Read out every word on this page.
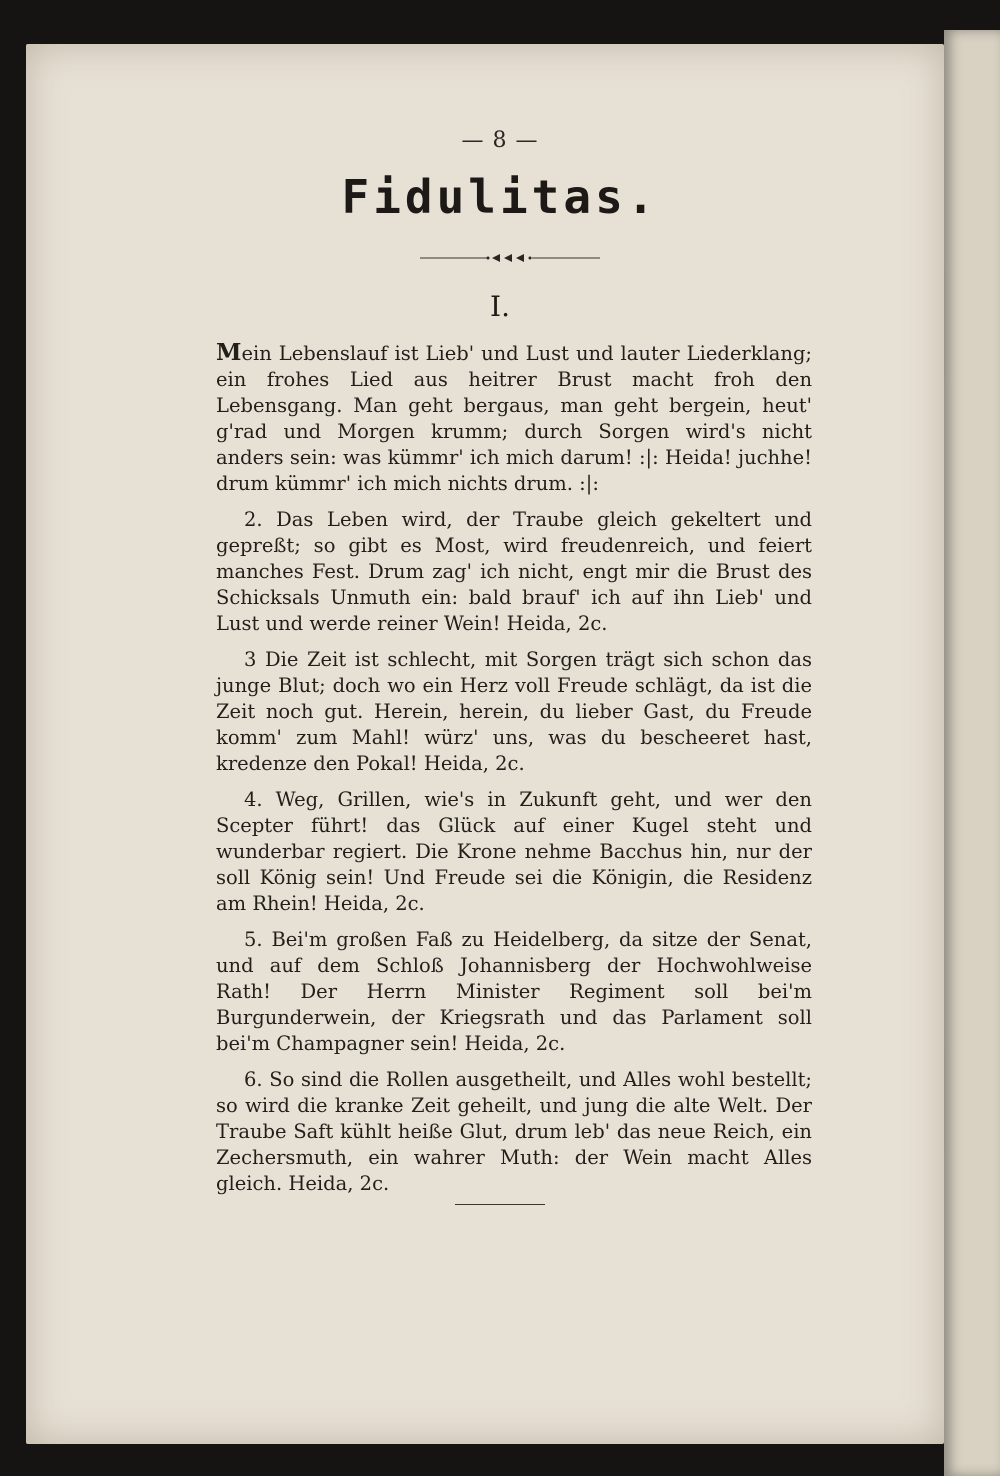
— 8 —
Fidulitas.
I.

Mein Lebenslauf ist Lieb' und Lust und lauter Liederklang; ein frohes Lied aus heitrer Brust macht froh den Lebensgang. Man geht bergaus, man geht bergein, heut' g'rad und Morgen krumm; durch Sorgen wird's nicht anders sein: was kümmr' ich mich darum! :|: Heida! juchhe! drum kümmr' ich mich nichts drum. :|:

2. Das Leben wird, der Traube gleich gekeltert und gepreßt; so gibt es Most, wird freudenreich, und feiert manches Fest. Drum zag' ich nicht, engt mir die Brust des Schicksals Unmuth ein: bald brauf' ich auf ihn Lieb' und Lust und werde reiner Wein! Heida, 2c.

3 Die Zeit ist schlecht, mit Sorgen trägt sich schon das junge Blut; doch wo ein Herz voll Freude schlägt, da ist die Zeit noch gut. Herein, herein, du lieber Gast, du Freude komm' zum Mahl! würz' uns, was du bescheeret hast, kredenze den Pokal! Heida, 2c.

4. Weg, Grillen, wie's in Zukunft geht, und wer den Scepter führt! das Glück auf einer Kugel steht und wunderbar regiert. Die Krone nehme Bacchus hin, nur der soll König sein! Und Freude sei die Königin, die Residenz am Rhein! Heida, 2c.

5. Bei'm großen Faß zu Heidelberg, da sitze der Senat, und auf dem Schloß Johannisberg der Hochwohlweise Rath! Der Herrn Minister Regiment soll bei'm Burgunderwein, der Kriegsrath und das Parlament soll bei'm Champagner sein! Heida, 2c.

6. So sind die Rollen ausgetheilt, und Alles wohl bestellt; so wird die kranke Zeit geheilt, und jung die alte Welt. Der Traube Saft kühlt heiße Glut, drum leb' das neue Reich, ein Zechersmuth, ein wahrer Muth: der Wein macht Alles gleich. Heida, 2c.
